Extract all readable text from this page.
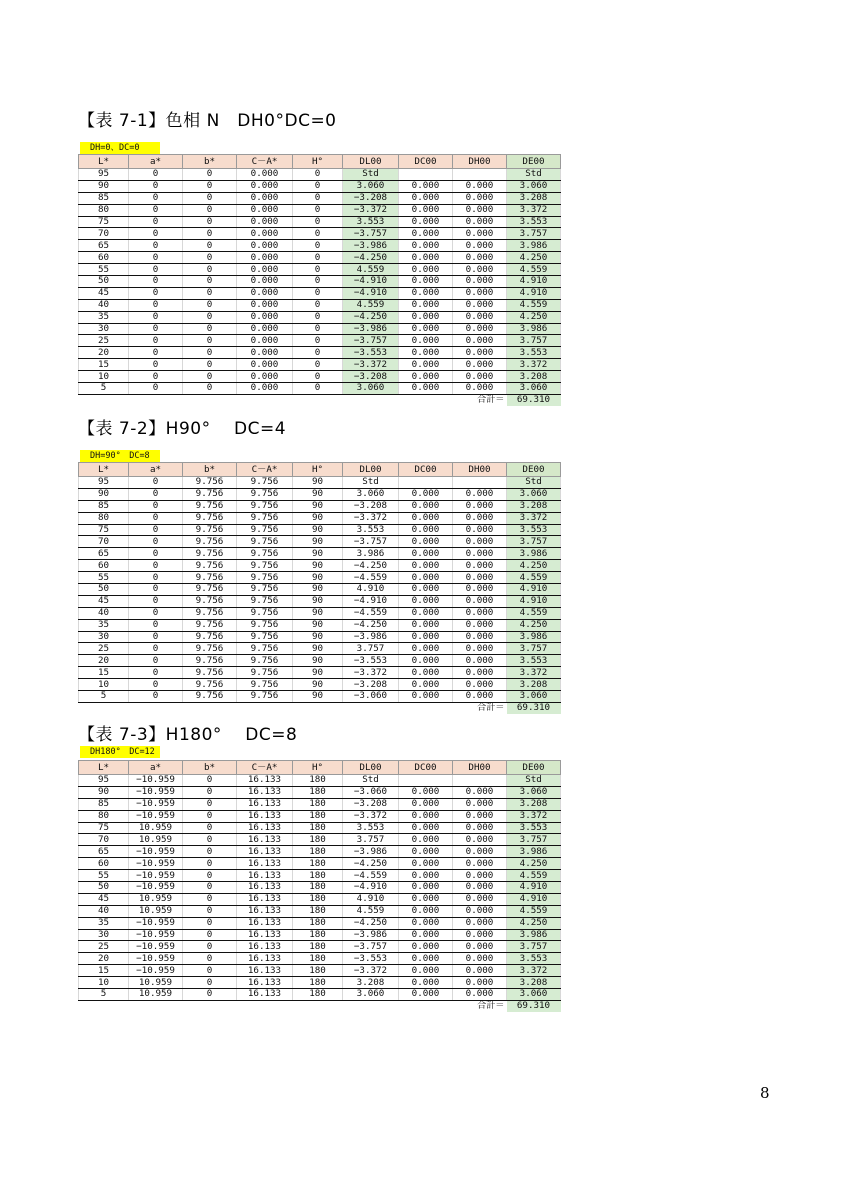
【表 7-1】色相 N　DH0°DC=0
DH=0、DC=0
L*	a*	b*	C－A*	H°	DL00	DC00	DH00	DE00
95	0	0	0.000	0	Std			Std
90	0	0	0.000	0	3.060	0.000	0.000	3.060
85	0	0	0.000	0	−3.208	0.000	0.000	3.208
80	0	0	0.000	0	−3.372	0.000	0.000	3.372
75	0	0	0.000	0	3.553	0.000	0.000	3.553
70	0	0	0.000	0	−3.757	0.000	0.000	3.757
65	0	0	0.000	0	−3.986	0.000	0.000	3.986
60	0	0	0.000	0	−4.250	0.000	0.000	4.250
55	0	0	0.000	0	4.559	0.000	0.000	4.559
50	0	0	0.000	0	−4.910	0.000	0.000	4.910
45	0	0	0.000	0	−4.910	0.000	0.000	4.910
40	0	0	0.000	0	4.559	0.000	0.000	4.559
35	0	0	0.000	0	−4.250	0.000	0.000	4.250
30	0	0	0.000	0	−3.986	0.000	0.000	3.986
25	0	0	0.000	0	−3.757	0.000	0.000	3.757
20	0	0	0.000	0	−3.553	0.000	0.000	3.553
15	0	0	0.000	0	−3.372	0.000	0.000	3.372
10	0	0	0.000	0	−3.208	0.000	0.000	3.208
5	0	0	0.000	0	3.060	0.000	0.000	3.060
							合計＝	69.310
【表 7-2】H90°　 DC=4
DH=90°　DC=8
L*	a*	b*	C－A*	H°	DL00	DC00	DH00	DE00
95	0	9.756	9.756	90	Std			Std
90	0	9.756	9.756	90	3.060	0.000	0.000	3.060
85	0	9.756	9.756	90	−3.208	0.000	0.000	3.208
80	0	9.756	9.756	90	−3.372	0.000	0.000	3.372
75	0	9.756	9.756	90	3.553	0.000	0.000	3.553
70	0	9.756	9.756	90	−3.757	0.000	0.000	3.757
65	0	9.756	9.756	90	3.986	0.000	0.000	3.986
60	0	9.756	9.756	90	−4.250	0.000	0.000	4.250
55	0	9.756	9.756	90	−4.559	0.000	0.000	4.559
50	0	9.756	9.756	90	4.910	0.000	0.000	4.910
45	0	9.756	9.756	90	−4.910	0.000	0.000	4.910
40	0	9.756	9.756	90	−4.559	0.000	0.000	4.559
35	0	9.756	9.756	90	−4.250	0.000	0.000	4.250
30	0	9.756	9.756	90	−3.986	0.000	0.000	3.986
25	0	9.756	9.756	90	3.757	0.000	0.000	3.757
20	0	9.756	9.756	90	−3.553	0.000	0.000	3.553
15	0	9.756	9.756	90	−3.372	0.000	0.000	3.372
10	0	9.756	9.756	90	−3.208	0.000	0.000	3.208
5	0	9.756	9.756	90	−3.060	0.000	0.000	3.060
							合計＝	69.310
【表 7-3】H180°　 DC=8
DH180°　DC=12
L*	a*	b*	C－A*	H°	DL00	DC00	DH00	DE00
95	−10.959	0	16.133	180	Std			Std
90	−10.959	0	16.133	180	−3.060	0.000	0.000	3.060
85	−10.959	0	16.133	180	−3.208	0.000	0.000	3.208
80	−10.959	0	16.133	180	−3.372	0.000	0.000	3.372
75	10.959	0	16.133	180	3.553	0.000	0.000	3.553
70	10.959	0	16.133	180	3.757	0.000	0.000	3.757
65	−10.959	0	16.133	180	−3.986	0.000	0.000	3.986
60	−10.959	0	16.133	180	−4.250	0.000	0.000	4.250
55	−10.959	0	16.133	180	−4.559	0.000	0.000	4.559
50	−10.959	0	16.133	180	−4.910	0.000	0.000	4.910
45	10.959	0	16.133	180	4.910	0.000	0.000	4.910
40	10.959	0	16.133	180	4.559	0.000	0.000	4.559
35	−10.959	0	16.133	180	−4.250	0.000	0.000	4.250
30	−10.959	0	16.133	180	−3.986	0.000	0.000	3.986
25	−10.959	0	16.133	180	−3.757	0.000	0.000	3.757
20	−10.959	0	16.133	180	−3.553	0.000	0.000	3.553
15	−10.959	0	16.133	180	−3.372	0.000	0.000	3.372
10	10.959	0	16.133	180	3.208	0.000	0.000	3.208
5	10.959	0	16.133	180	3.060	0.000	0.000	3.060
							合計＝	69.310
8
